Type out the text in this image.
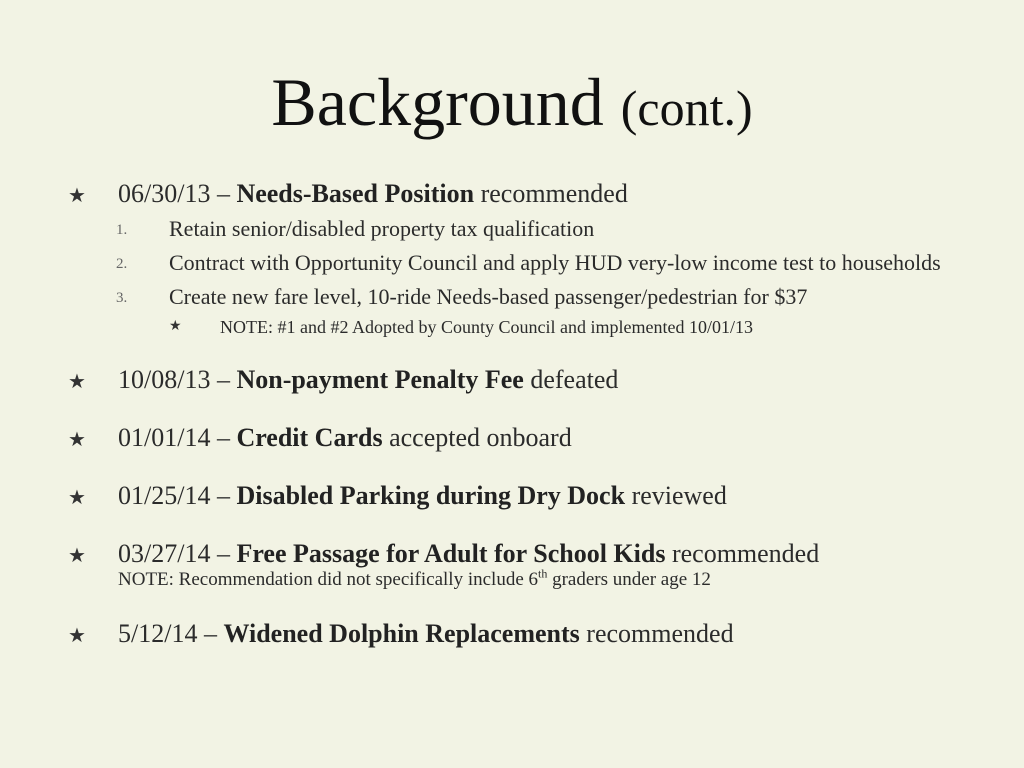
Background (cont.)
★ 06/30/13 – Needs-Based Position recommended
1. Retain senior/disabled property tax qualification
2. Contract with Opportunity Council and apply HUD very-low income test to households
3. Create new fare level, 10-ride Needs-based passenger/pedestrian for $37
★ NOTE: #1 and #2 Adopted by County Council and implemented 10/01/13
★ 10/08/13 – Non-payment Penalty Fee defeated
★ 01/01/14 – Credit Cards accepted onboard
★ 01/25/14 – Disabled Parking during Dry Dock reviewed
★ 03/27/14 – Free Passage for Adult for School Kids recommended
NOTE: Recommendation did not specifically include 6th graders under age 12
★ 5/12/14 – Widened Dolphin Replacements recommended
